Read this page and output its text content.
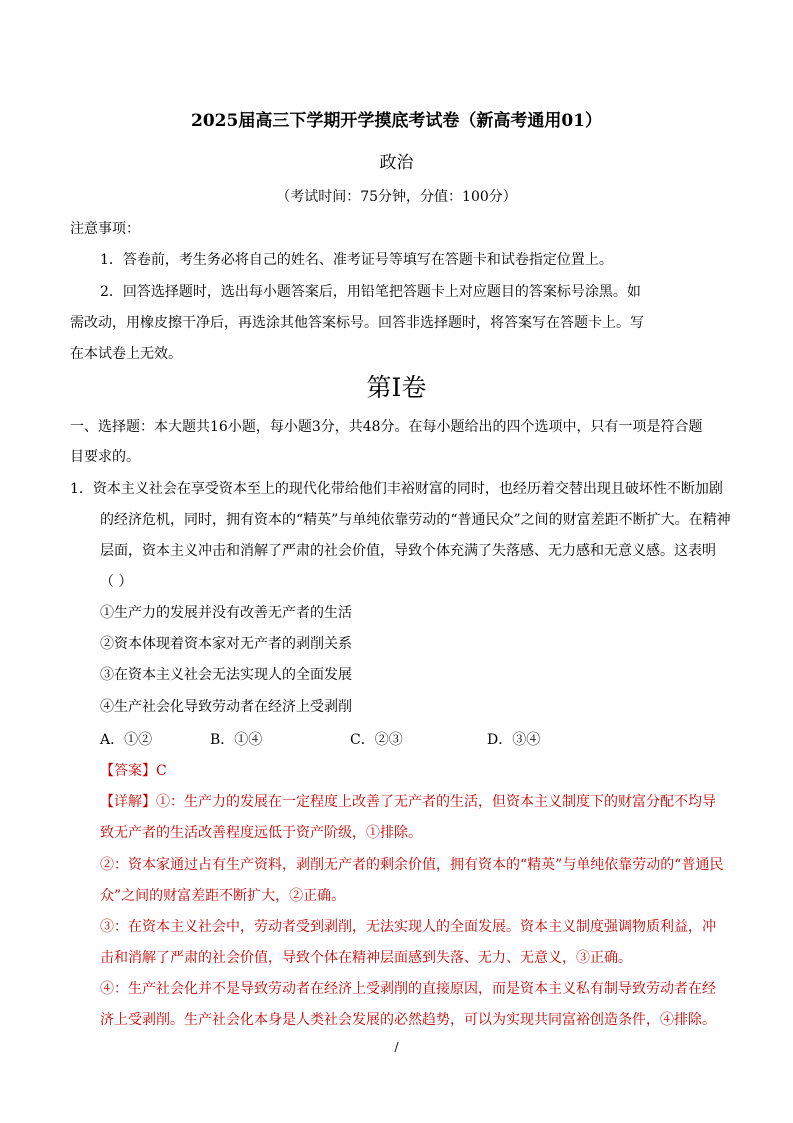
2025届高三下学期开学摸底考试卷（新高考通用01）
政治
（考试时间：75分钟，分值：100分）
注意事项：
1．答卷前，考生务必将自己的姓名、准考证号等填写在答题卡和试卷指定位置上。
2．回答选择题时，选出每小题答案后，用铅笔把答题卡上对应题目的答案标号涂黑。如
需改动，用橡皮擦干净后，再选涂其他答案标号。回答非选择题时，将答案写在答题卡上。写
在本试卷上无效。
第Ⅰ卷
一、选择题：本大题共16小题，每小题3分，共48分。在每小题给出的四个选项中，只有一项是符合题
目要求的。
1．资本主义社会在享受资本至上的现代化带给他们丰裕财富的同时，也经历着交替出现且破坏性不断加剧
的经济危机，同时，拥有资本的“精英”与单纯依靠劳动的“普通民众”之间的财富差距不断扩大。在精神
层面，资本主义冲击和消解了严肃的社会价值，导致个体充满了失落感、无力感和无意义感。这表明
（ ）
①生产力的发展并没有改善无产者的生活
②资本体现着资本家对无产者的剥削关系
③在资本主义社会无法实现人的全面发展
④生产社会化导致劳动者在经济上受剥削
A．①②	B．①④	C．②③	D．③④
【答案】C
【详解】①：生产力的发展在一定程度上改善了无产者的生活，但资本主义制度下的财富分配不均导
致无产者的生活改善程度远低于资产阶级，①排除。
②：资本家通过占有生产资料，剥削无产者的剩余价值，拥有资本的“精英”与单纯依靠劳动的“普通民
众”之间的财富差距不断扩大，②正确。
③：在资本主义社会中，劳动者受到剥削，无法实现人的全面发展。资本主义制度强调物质利益，冲
击和消解了严肃的社会价值，导致个体在精神层面感到失落、无力、无意义，③正确。
④：生产社会化并不是导致劳动者在经济上受剥削的直接原因，而是资本主义私有制导致劳动者在经
济上受剥削。生产社会化本身是人类社会发展的必然趋势，可以为实现共同富裕创造条件，④排除。
/
